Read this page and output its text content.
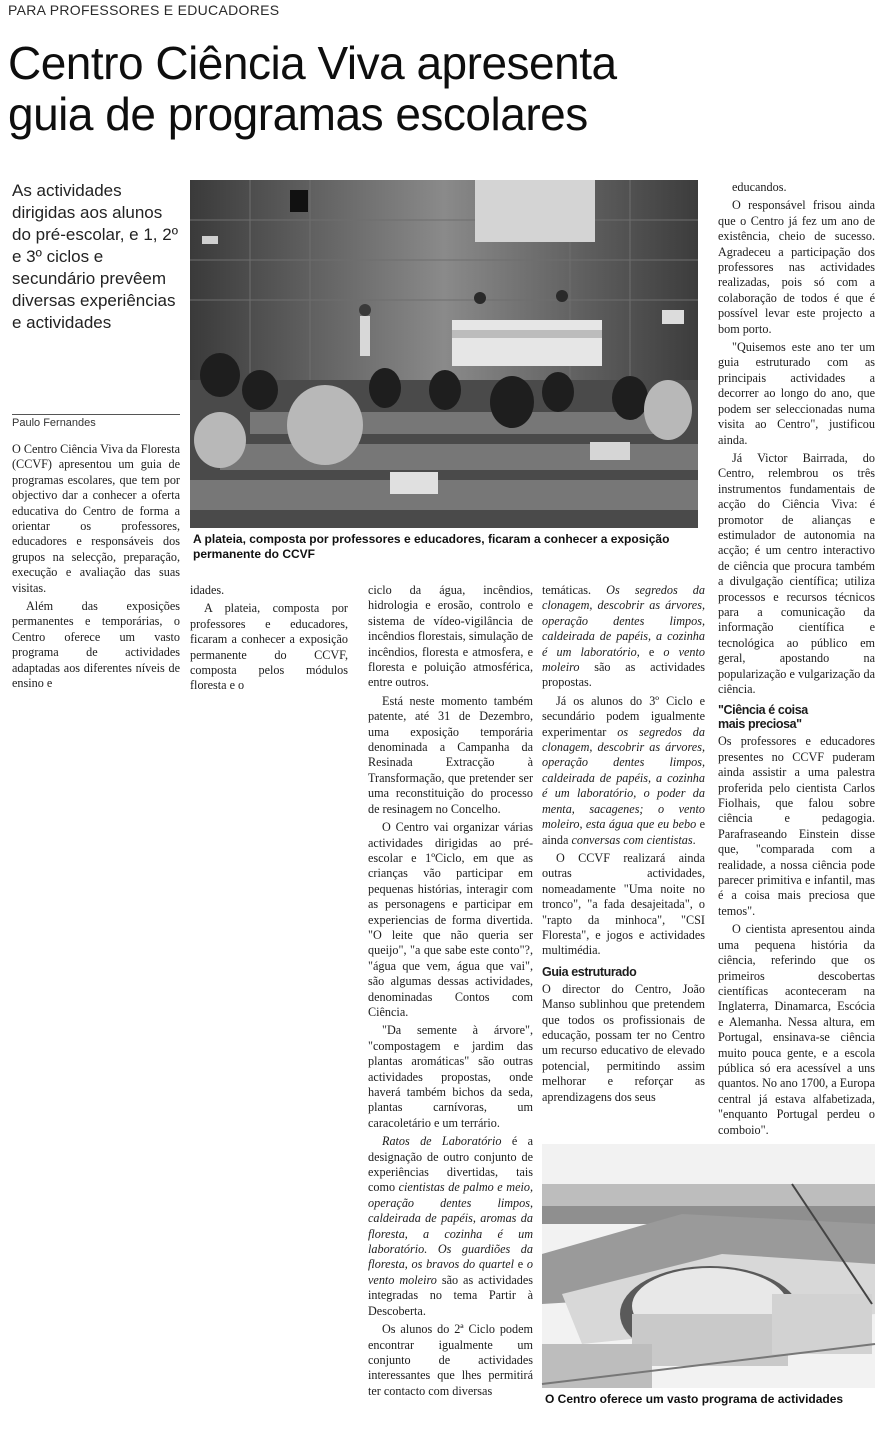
PARA PROFESSORES E EDUCADORES
Centro Ciência Viva apresenta
guia de programas escolares
As actividades dirigidas aos alunos do pré-escolar, e 1, 2º e 3º ciclos e secundário prevêem diversas experiências e actividades
Paulo Fernandes
A plateia, composta por professores e educadores, ficaram a conhecer a exposição permanente do CCVF

O Centro Ciência Viva da Floresta (CCVF) apresentou um guia de programas escolares, que tem por objectivo dar a conhecer a oferta educativa do Centro de forma a orientar os professores, educadores e responsáveis dos grupos na selecção, preparação, execução e avaliação das suas visitas.

Além das exposições permanentes e temporárias, o Centro oferece um vasto programa de actividades adaptadas aos diferentes níveis de ensino e

idades.

A plateia, composta por professores e educadores, ficaram a conhecer a exposição permanente do CCVF, composta pelos módulos floresta e o

ciclo da água, incêndios, hidrologia e erosão, controlo e sistema de vídeo-vigilância de incêndios florestais, simulação de incêndios, floresta e atmosfera, e floresta e poluição atmosférica, entre outros.

Está neste momento também patente, até 31 de Dezembro, uma exposição temporária denominada a Campanha da Resinada Extracção à Transformação, que pretender ser uma reconstituição do processo de resinagem no Concelho.

O Centro vai organizar várias actividades dirigidas ao pré-escolar e 1ºCiclo, em que as crianças vão participar em pequenas histórias, interagir com as personagens e participar em experiencias de forma divertida. "O leite que não queria ser queijo", "a que sabe este conto"?, "água que vem, água que vai", são algumas dessas actividades, denominadas Contos com Ciência.

"Da semente à árvore", "compostagem e jardim das plantas aromáticas" são outras actividades propostas, onde haverá também bichos da seda, plantas carnívoras, um caracoletário e um terrário.

Ratos de Laboratório é a designação de outro conjunto de experiências divertidas, tais como cientistas de palmo e meio, operação dentes limpos, caldeirada de papéis, aromas da floresta, a cozinha é um laboratório. Os guardiões da floresta, os bravos do quartel e o vento moleiro são as actividades integradas no tema Partir à Descoberta.

Os alunos do 2ª Ciclo podem encontrar igualmente um conjunto de actividades interessantes que lhes permitirá ter contacto com diversas

temáticas. Os segredos da clonagem, descobrir as árvores, operação dentes limpos, caldeirada de papéis, a cozinha é um laboratório, e o vento moleiro são as actividades propostas.

Já os alunos do 3º Ciclo e secundário podem igualmente experimentar os segredos da clonagem, descobrir as árvores, operação dentes limpos, caldeirada de papéis, a cozinha é um laboratório, o poder da menta, sacagenes; o vento moleiro, esta água que eu bebo e ainda conversas com cientistas.

O CCVF realizará ainda outras actividades, nomeadamente "Uma noite no tronco", "a fada desajeitada", o "rapto da minhoca", "CSI Floresta", e jogos e actividades multimédia.

Guia estruturado

O director do Centro, João Manso sublinhou que pretendem que todos os profissionais de educação, possam ter no Centro um recurso educativo de elevado potencial, permitindo assim melhorar e reforçar as aprendizagens dos seus

educandos.

O responsável frisou ainda que o Centro já fez um ano de existência, cheio de sucesso. Agradeceu a participação dos professores nas actividades realizadas, pois só com a colaboração de todos é que é possível levar este projecto a bom porto.

"Quisemos este ano ter um guia estruturado com as principais actividades a decorrer ao longo do ano, que podem ser seleccionadas numa visita ao Centro", justificou ainda.

Já Victor Bairrada, do Centro, relembrou os três instrumentos fundamentais de acção do Ciência Viva: é promotor de alianças e estimulador de autonomia na acção; é um centro interactivo de ciência que procura também a divulgação científica; utiliza processos e recursos técnicos para a comunicação da informação científica e tecnológica ao público em geral, apostando na popularização e vulgarização da ciência.

"Ciência é coisa
mais preciosa"

Os professores e educadores presentes no CCVF puderam ainda assistir a uma palestra proferida pelo cientista Carlos Fiolhais, que falou sobre ciência e pedagogia. Parafraseando Einstein disse que, "comparada com a realidade, a nossa ciência pode parecer primitiva e infantil, mas é a coisa mais preciosa que temos".

O cientista apresentou ainda uma pequena história da ciência, referindo que os primeiros descobertas científicas aconteceram na Inglaterra, Dinamarca, Escócia e Alemanha. Nessa altura, em Portugal, ensinava-se ciência muito pouca gente, e a escola pública só era acessível a uns quantos. No ano 1700, a Europa central já estava alfabetizada, "enquanto Portugal perdeu o comboio".

O Centro oferece um vasto programa de actividades
